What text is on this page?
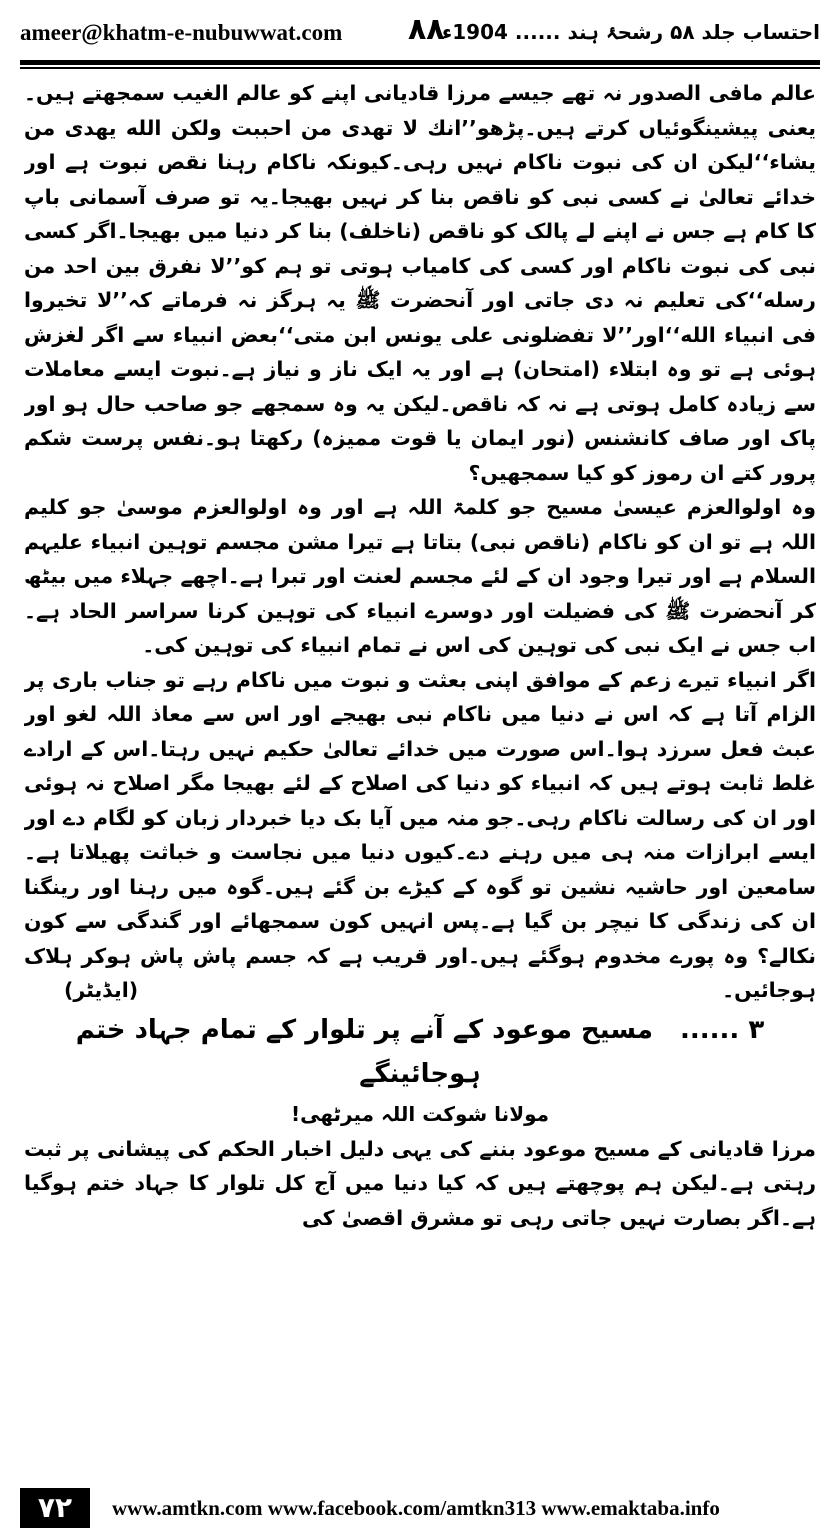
ameer@khatm-e-nubuwwat.com ۸۸
احتساب جلد ۵۸ رشحۂ ہند ...... 1904ء

عالم مافی الصدور نہ تھے جیسے مرزا قادیانی اپنے کو عالم الغیب سمجھتے ہیں۔یعنی پیشینگوئیاں کرتے ہیں۔پڑھو’’انك لا تهدی من احببت ولكن الله يهدی من يشاء‘‘لیکن ان کی نبوت ناکام نہیں رہی۔کیونکہ ناکام رہنا نقص نبوت ہے اور خدائے تعالیٰ نے کسی نبی کو ناقص بنا کر نہیں بھیجا۔یہ تو صرف آسمانی باپ کا کام ہے جس نے اپنے لے پالک کو ناقص (ناخلف) بنا کر دنیا میں بھیجا۔اگر کسی نبی کی نبوت ناکام اور کسی کی کامیاب ہوتی تو ہم کو’’لا نفرق بین احد من رسله‘‘کی تعلیم نہ دی جاتی اور آنحضرت ﷺ یہ ہرگز نہ فرماتے کہ’’لا تخیروا فی انبیاء الله‘‘اور’’لا تفضلونی علی یونس ابن متی‘‘بعض انبیاء سے اگر لغزش ہوئی ہے تو وہ ابتلاء (امتحان) ہے اور یہ ایک ناز و نیاز ہے۔نبوت ایسے معاملات سے زیادہ کامل ہوتی ہے نہ کہ ناقص۔لیکن یہ وہ سمجھے جو صاحب حال ہو اور پاک اور صاف کانشنس (نور ایمان یا قوت ممیزہ) رکھتا ہو۔نفس پرست شکم پرور کتے ان رموز کو کیا سمجھیں؟

وہ اولوالعزم عیسیٰ مسیح جو کلمۃ اللہ ہے اور وہ اولوالعزم موسیٰ جو کلیم اللہ ہے تو ان کو ناکام (ناقص نبی) بتاتا ہے تیرا مشن مجسم توہین انبیاء علیہم السلام ہے اور تیرا وجود ان کے لئے مجسم لعنت اور تبرا ہے۔اچھے جہلاء میں بیٹھ کر آنحضرت ﷺ کی فضیلت اور دوسرے انبیاء کی توہین کرنا سراسر الحاد ہے۔اب جس نے ایک نبی کی توہین کی اس نے تمام انبیاء کی توہین کی۔

اگر انبیاء تیرے زعم کے موافق اپنی بعثت و نبوت میں ناکام رہے تو جناب باری پر الزام آتا ہے کہ اس نے دنیا میں ناکام نبی بھیجے اور اس سے معاذ اللہ لغو اور عبث فعل سرزد ہوا۔اس صورت میں خدائے تعالیٰ حکیم نہیں رہتا۔اس کے ارادے غلط ثابت ہوتے ہیں کہ انبیاء کو دنیا کی اصلاح کے لئے بھیجا مگر اصلاح نہ ہوئی اور ان کی رسالت ناکام رہی۔جو منہ میں آیا بک دیا خبردار زبان کو لگام دے اور ایسے ابرازات منہ ہی میں رہنے دے۔کیوں دنیا میں نجاست و خباثت پھیلاتا ہے۔سامعین اور حاشیہ نشین تو گوہ کے کیڑے بن گئے ہیں۔گوہ میں رہنا اور رینگنا ان کی زندگی کا نیچر بن گیا ہے۔پس انہیں کون سمجھائے اور گندگی سے کون نکالے؟ وہ پورے مخدوم ہوگئے ہیں۔اور قریب ہے کہ جسم پاش پاش ہوکر ہلاک ہوجائیں۔
(ایڈیٹر)

۳ ...... مسیح موعود کے آنے پر تلوار کے تمام جہاد ختم ہوجائینگے

مولانا شوکت اللہ میرٹھی!

مرزا قادیانی کے مسیح موعود بننے کی یہی دلیل اخبار الحکم کی پیشانی پر ثبت رہتی ہے۔لیکن ہم پوچھتے ہیں کہ کیا دنیا میں آج کل تلوار کا جہاد ختم ہوگیا ہے۔اگر بصارت نہیں جاتی رہی تو مشرق اقصیٰ کی

۷۲	www.amtkn.com www.facebook.com/amtkn313 www.emaktaba.info
